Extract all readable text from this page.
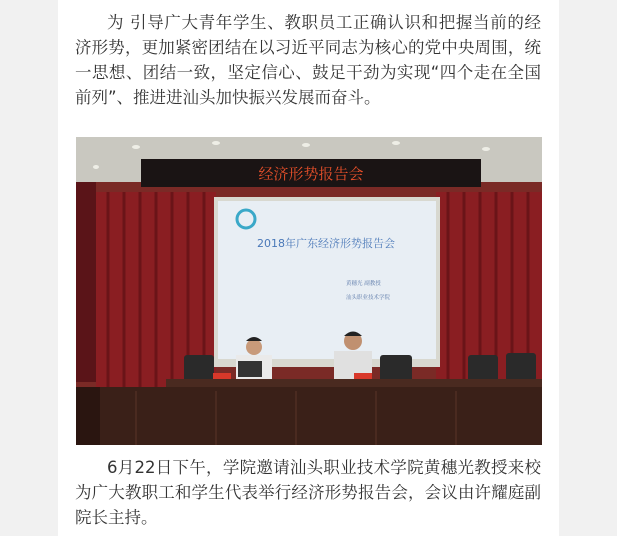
为 引导广大青年学生、教职员工正确认识和把握当前的经济形势，更加紧密团结在以习近平同志为核心的党中央周围，统一思想、团结一致，坚定信心、鼓足干劲为实现“四个走在全国前列”、推进进汕头加快振兴发展而奋斗。

经济形势报告会
2018年广东经济形势报告会
黄穗光 副教授
汕头职业技术学院

6月22日下午，学院邀请汕头职业技术学院黄穗光教授来校为广大教职工和学生代表举行经济形势报告会，会议由许耀庭副院长主持。
